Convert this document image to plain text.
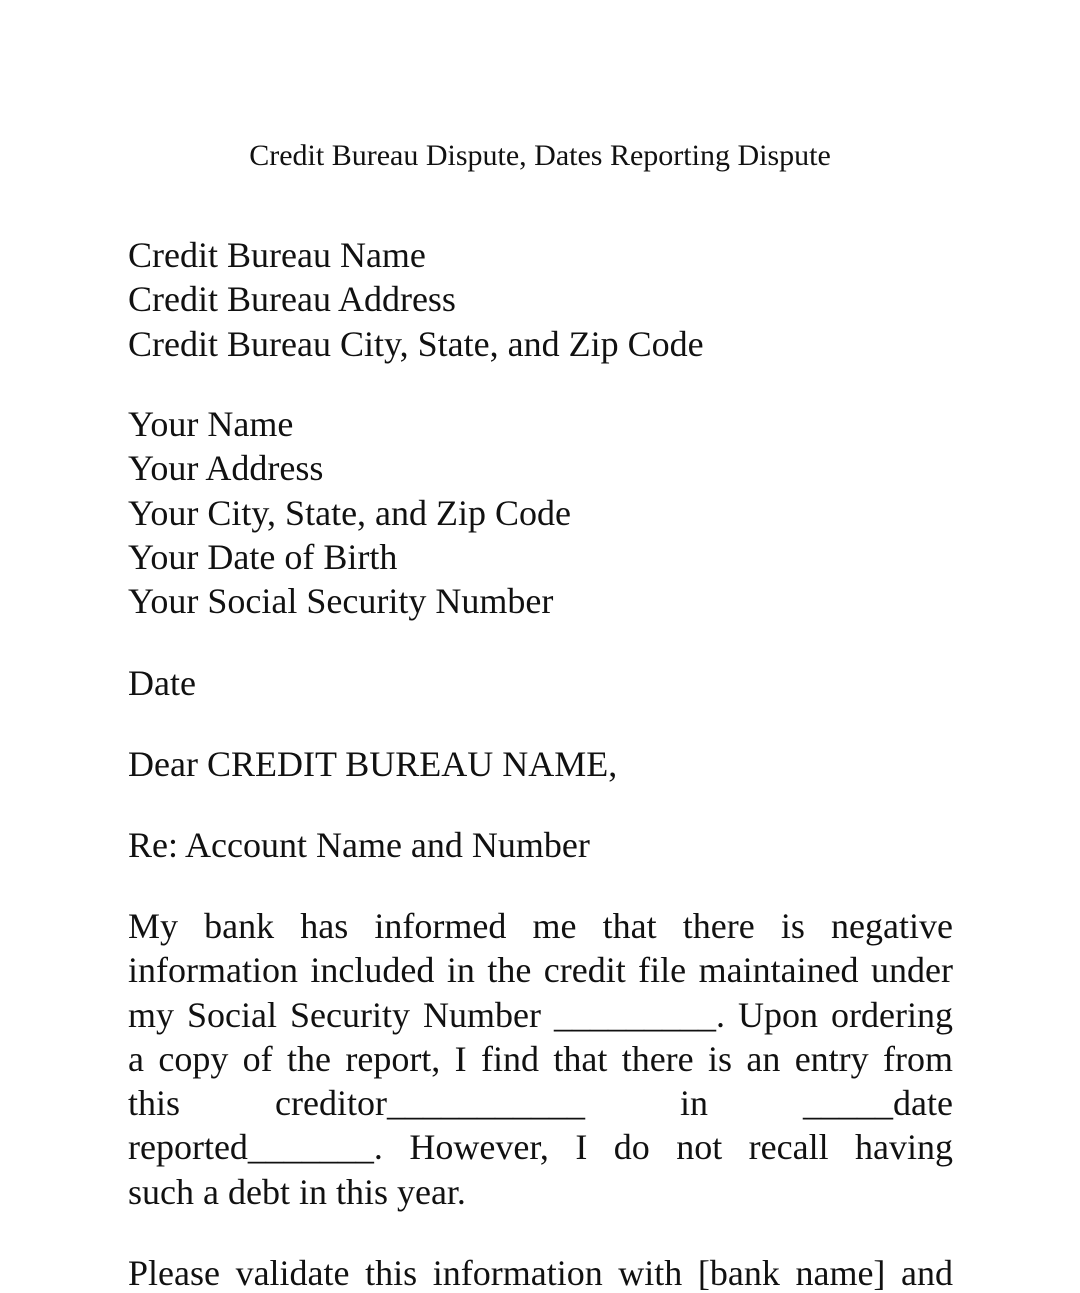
Credit Bureau Dispute, Dates Reporting Dispute
Credit Bureau Name
Credit Bureau Address
Credit Bureau City, State, and Zip Code
Your Name
Your Address
Your City, State, and Zip Code
Your Date of Birth
Your Social Security Number
Date
Dear CREDIT BUREAU NAME,
Re: Account Name and Number
My bank has informed me that there is negative
information included in the credit file maintained under
my Social Security Number _________. Upon ordering
a copy of the report, I find that there is an entry from
this creditor___________ in _____date
reported_______. However, I do not recall having
such a debt in this year.
Please validate this information with [bank name] and
